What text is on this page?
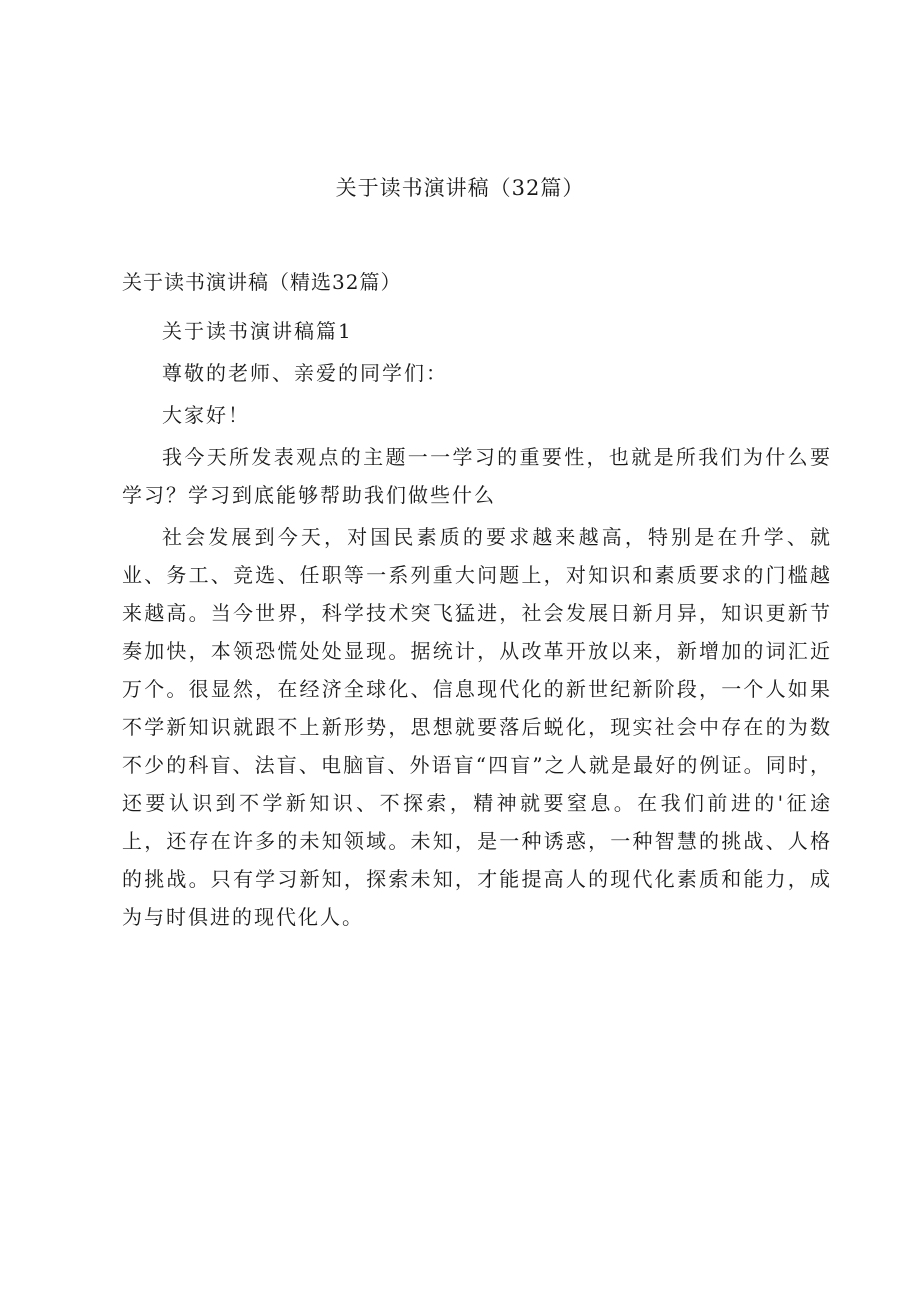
关于读书演讲稿（32篇）
关于读书演讲稿（精选32篇）

关于读书演讲稿篇1

尊敬的老师、亲爱的同学们：

大家好！

我今天所发表观点的主题一一学习的重要性，也就是所我们为什么要学习？学习到底能够帮助我们做些什么

社会发展到今天，对国民素质的要求越来越高，特别是在升学、就业、务工、竞选、任职等一系列重大问题上，对知识和素质要求的门槛越来越高。当今世界，科学技术突飞猛进，社会发展日新月异，知识更新节奏加快，本领恐慌处处显现。据统计，从改革开放以来，新增加的词汇近万个。很显然，在经济全球化、信息现代化的新世纪新阶段，一个人如果不学新知识就跟不上新形势，思想就要落后蜕化，现实社会中存在的为数不少的科盲、法盲、电脑盲、外语盲“四盲”之人就是最好的例证。同时，还要认识到不学新知识、不探索，精神就要窒息。在我们前进的'征途上，还存在许多的未知领域。未知，是一种诱惑，一种智慧的挑战、人格的挑战。只有学习新知，探索未知，才能提高人的现代化素质和能力，成为与时俱进的现代化人。
